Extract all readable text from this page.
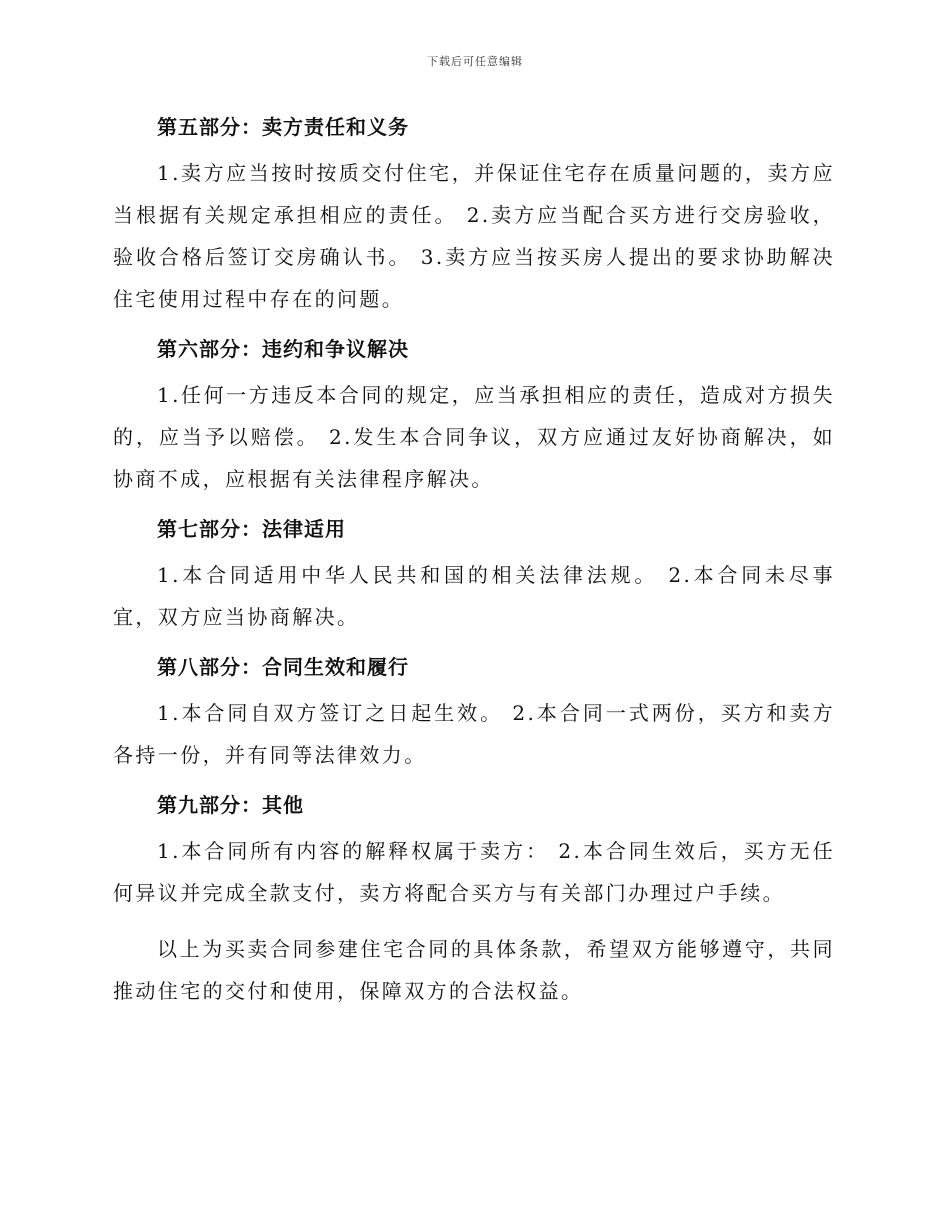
下载后可任意编辑
第五部分：卖方责任和义务

1.卖方应当按时按质交付住宅，并保证住宅存在质量问题的，卖方应当根据有关规定承担相应的责任。 2.卖方应当配合买方进行交房验收，验收合格后签订交房确认书。 3.卖方应当按买房人提出的要求协助解决住宅使用过程中存在的问题。

第六部分：违约和争议解决

1.任何一方违反本合同的规定，应当承担相应的责任，造成对方损失的，应当予以赔偿。 2.发生本合同争议，双方应通过友好协商解决，如协商不成，应根据有关法律程序解决。

第七部分：法律适用

1.本合同适用中华人民共和国的相关法律法规。 2.本合同未尽事宜，双方应当协商解决。

第八部分：合同生效和履行

1.本合同自双方签订之日起生效。 2.本合同一式两份，买方和卖方各持一份，并有同等法律效力。

第九部分：其他

1.本合同所有内容的解释权属于卖方： 2.本合同生效后，买方无任何异议并完成全款支付，卖方将配合买方与有关部门办理过户手续。

以上为买卖合同参建住宅合同的具体条款，希望双方能够遵守，共同推动住宅的交付和使用，保障双方的合法权益。
